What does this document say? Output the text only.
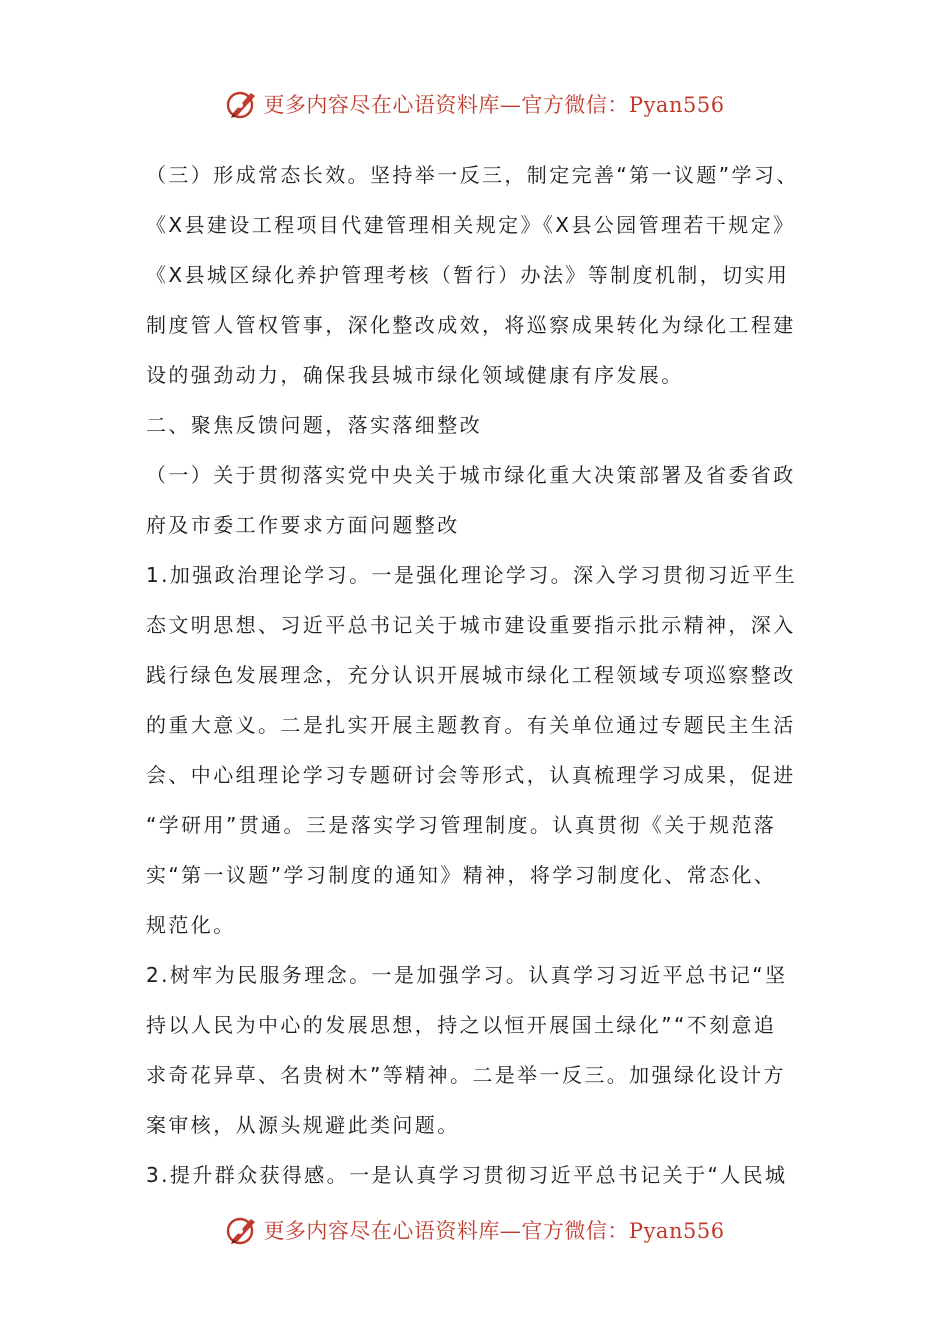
更多内容尽在心语资料库—官方微信：Pyan556
（三）形成常态长效。坚持举一反三，制定完善“第一议题”学习、
《X县建设工程项目代建管理相关规定》《X县公园管理若干规定》
《X县城区绿化养护管理考核（暂行）办法》等制度机制，切实用
制度管人管权管事，深化整改成效，将巡察成果转化为绿化工程建
设的强劲动力，确保我县城市绿化领域健康有序发展。
二、聚焦反馈问题，落实落细整改
（一）关于贯彻落实党中央关于城市绿化重大决策部署及省委省政
府及市委工作要求方面问题整改
1.加强政治理论学习。一是强化理论学习。深入学习贯彻习近平生
态文明思想、习近平总书记关于城市建设重要指示批示精神，深入
践行绿色发展理念，充分认识开展城市绿化工程领域专项巡察整改
的重大意义。二是扎实开展主题教育。有关单位通过专题民主生活
会、中心组理论学习专题研讨会等形式，认真梳理学习成果，促进
“学研用”贯通。三是落实学习管理制度。认真贯彻《关于规范落
实“第一议题”学习制度的通知》精神，将学习制度化、常态化、
规范化。
2.树牢为民服务理念。一是加强学习。认真学习习近平总书记“坚
持以人民为中心的发展思想，持之以恒开展国土绿化”“不刻意追
求奇花异草、名贵树木”等精神。二是举一反三。加强绿化设计方
案审核，从源头规避此类问题。
3.提升群众获得感。一是认真学习贯彻习近平总书记关于“人民城
更多内容尽在心语资料库—官方微信：Pyan556
